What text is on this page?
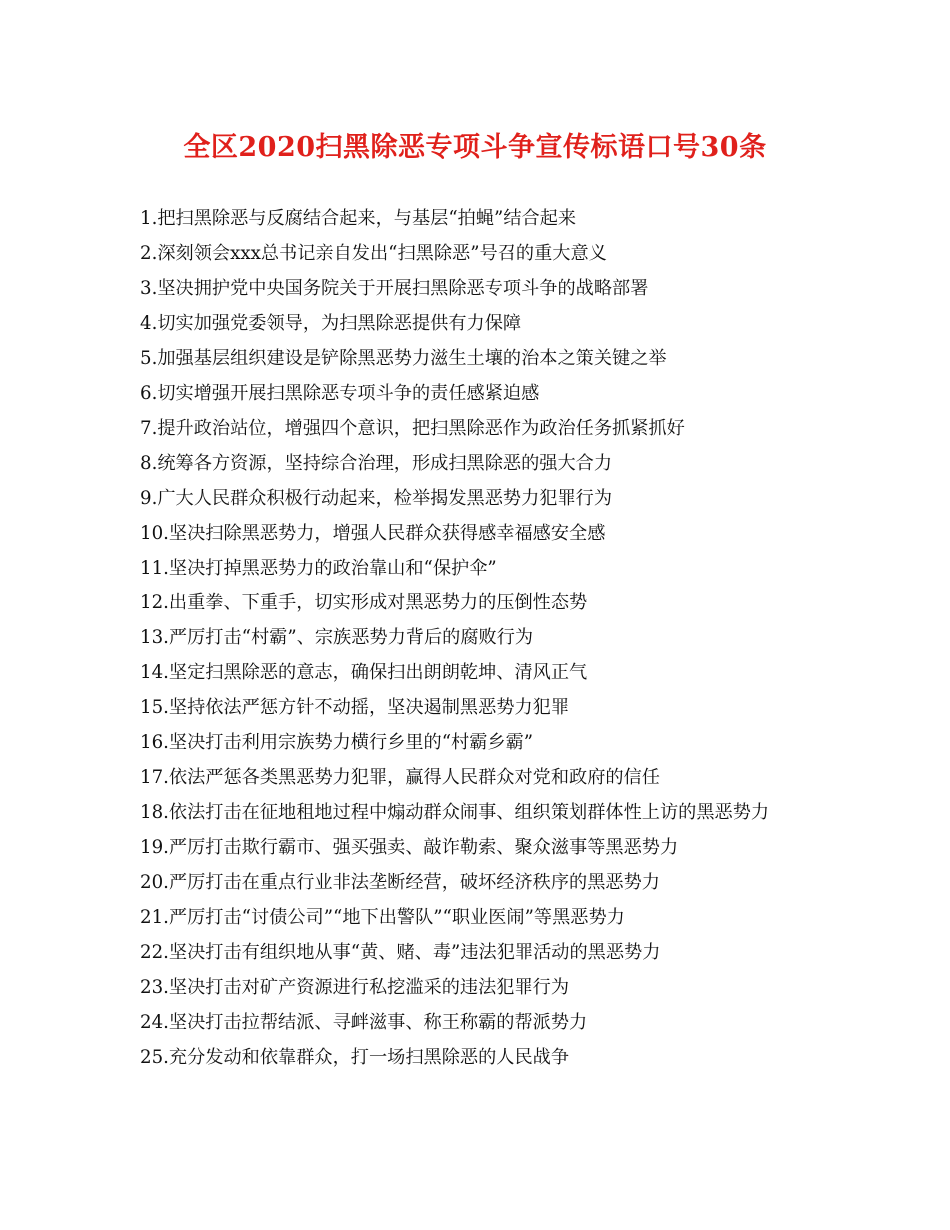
全区2020扫黑除恶专项斗争宣传标语口号30条
1.把扫黑除恶与反腐结合起来，与基层“拍蝇”结合起来
2.深刻领会xxx总书记亲自发出“扫黑除恶”号召的重大意义
3.坚决拥护党中央国务院关于开展扫黑除恶专项斗争的战略部署
4.切实加强党委领导，为扫黑除恶提供有力保障
5.加强基层组织建设是铲除黑恶势力滋生土壤的治本之策关键之举
6.切实增强开展扫黑除恶专项斗争的责任感紧迫感
7.提升政治站位，增强四个意识，把扫黑除恶作为政治任务抓紧抓好
8.统筹各方资源，坚持综合治理，形成扫黑除恶的强大合力
9.广大人民群众积极行动起来，检举揭发黑恶势力犯罪行为
10.坚决扫除黑恶势力，增强人民群众获得感幸福感安全感
11.坚决打掉黑恶势力的政治靠山和“保护伞”
12.出重拳、下重手，切实形成对黑恶势力的压倒性态势
13.严厉打击“村霸”、宗族恶势力背后的腐败行为
14.坚定扫黑除恶的意志，确保扫出朗朗乾坤、清风正气
15.坚持依法严惩方针不动摇，坚决遏制黑恶势力犯罪
16.坚决打击利用宗族势力横行乡里的“村霸乡霸”
17.依法严惩各类黑恶势力犯罪，赢得人民群众对党和政府的信任
18.依法打击在征地租地过程中煽动群众闹事、组织策划群体性上访的黑恶势力
19.严厉打击欺行霸市、强买强卖、敲诈勒索、聚众滋事等黑恶势力
20.严厉打击在重点行业非法垄断经营，破坏经济秩序的黑恶势力
21.严厉打击“讨债公司”“地下出警队”“职业医闹”等黑恶势力
22.坚决打击有组织地从事“黄、赌、毒”违法犯罪活动的黑恶势力
23.坚决打击对矿产资源进行私挖滥采的违法犯罪行为
24.坚决打击拉帮结派、寻衅滋事、称王称霸的帮派势力
25.充分发动和依靠群众，打一场扫黑除恶的人民战争
